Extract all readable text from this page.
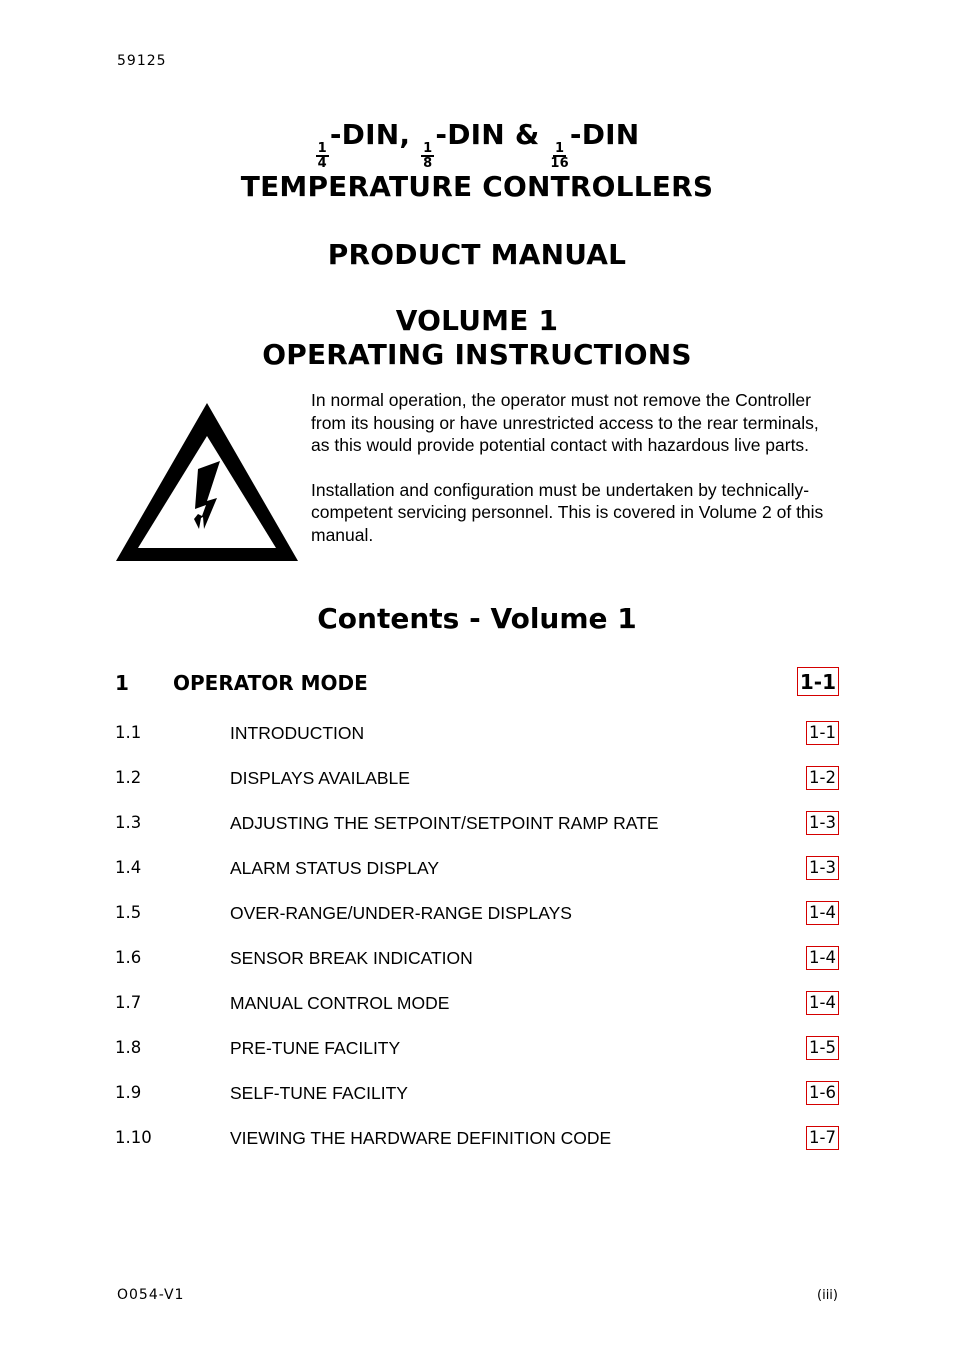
59125
$\frac{1}{4}$
-DIN,
$\frac{1}{8}$
-DIN &
$\frac{1}{16}$
-DIN
TEMPERATURE CONTROLLERS
PRODUCT MANUAL
VOLUME 1
OPERATING INSTRUCTIONS

In normal operation, the operator must not remove the Controller from its housing or have unrestricted access to the rear terminals, as this would provide potential contact with hazardous live parts.

Installation and configuration must be undertaken by technically-competent servicing personnel. This is covered in Volume 2 of this manual.

Contents - Volume 1
1 OPERATOR MODE	1-1
1.1	INTRODUCTION	1-1
1.2	DISPLAYS AVAILABLE	1-2
1.3	ADJUSTING THE SETPOINT/SETPOINT RAMP RATE	1-3
1.4	ALARM STATUS DISPLAY	1-3
1.5	OVER-RANGE/UNDER-RANGE DISPLAYS	1-4
1.6	SENSOR BREAK INDICATION	1-4
1.7	MANUAL CONTROL MODE	1-4
1.8	PRE-TUNE FACILITY	1-5
1.9	SELF-TUNE FACILITY	1-6
1.10	VIEWING THE HARDWARE DEFINITION CODE	1-7
O054-V1	(iii)
